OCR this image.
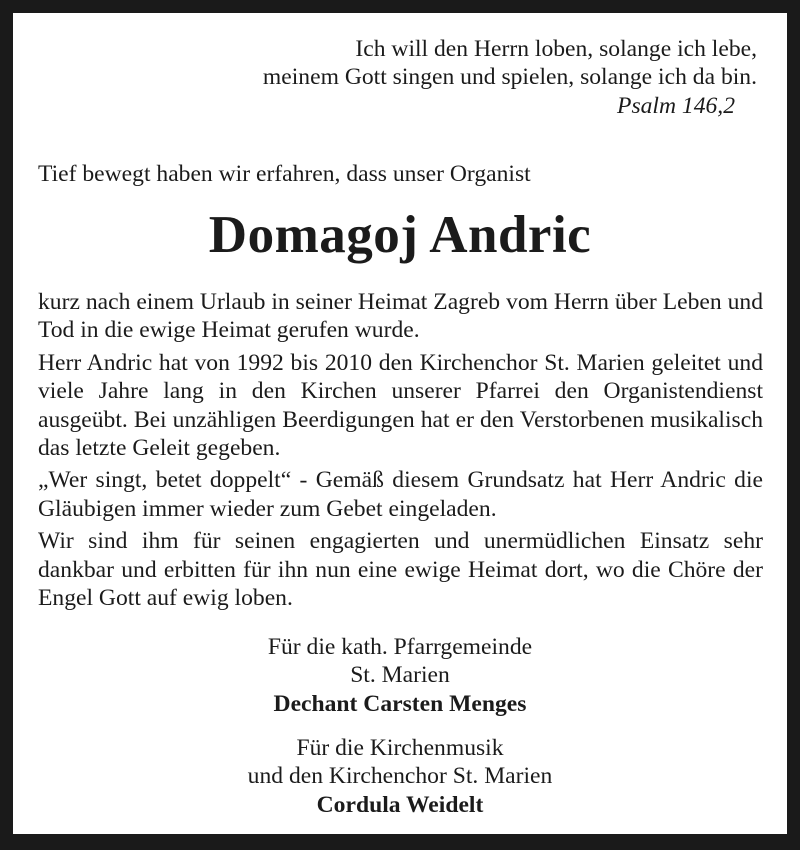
Ich will den Herrn loben, solange ich lebe,
meinem Gott singen und spielen, solange ich da bin.
Psalm 146,2
Tief bewegt haben wir erfahren, dass unser Organist
Domagoj Andric

kurz nach einem Urlaub in seiner Heimat Zagreb vom Herrn über Leben und Tod in die ewige Heimat gerufen wurde.

Herr Andric hat von 1992 bis 2010 den Kirchenchor St. Marien geleitet und viele Jahre lang in den Kirchen unserer Pfarrei den Organistendienst ausgeübt. Bei unzähligen Beerdigungen hat er den Verstorbenen musikalisch das letzte Geleit gegeben.

„Wer singt, betet doppelt“ - Gemäß diesem Grundsatz hat Herr Andric die Gläubigen immer wieder zum Gebet eingeladen.

Wir sind ihm für seinen engagierten und unermüdlichen Einsatz sehr dankbar und erbitten für ihn nun eine ewige Heimat dort, wo die Chöre der Engel Gott auf ewig loben.

Für die kath. Pfarrgemeinde
St. Marien
Dechant Carsten Menges
Für die Kirchenmusik
und den Kirchenchor St. Marien
Cordula Weidelt
